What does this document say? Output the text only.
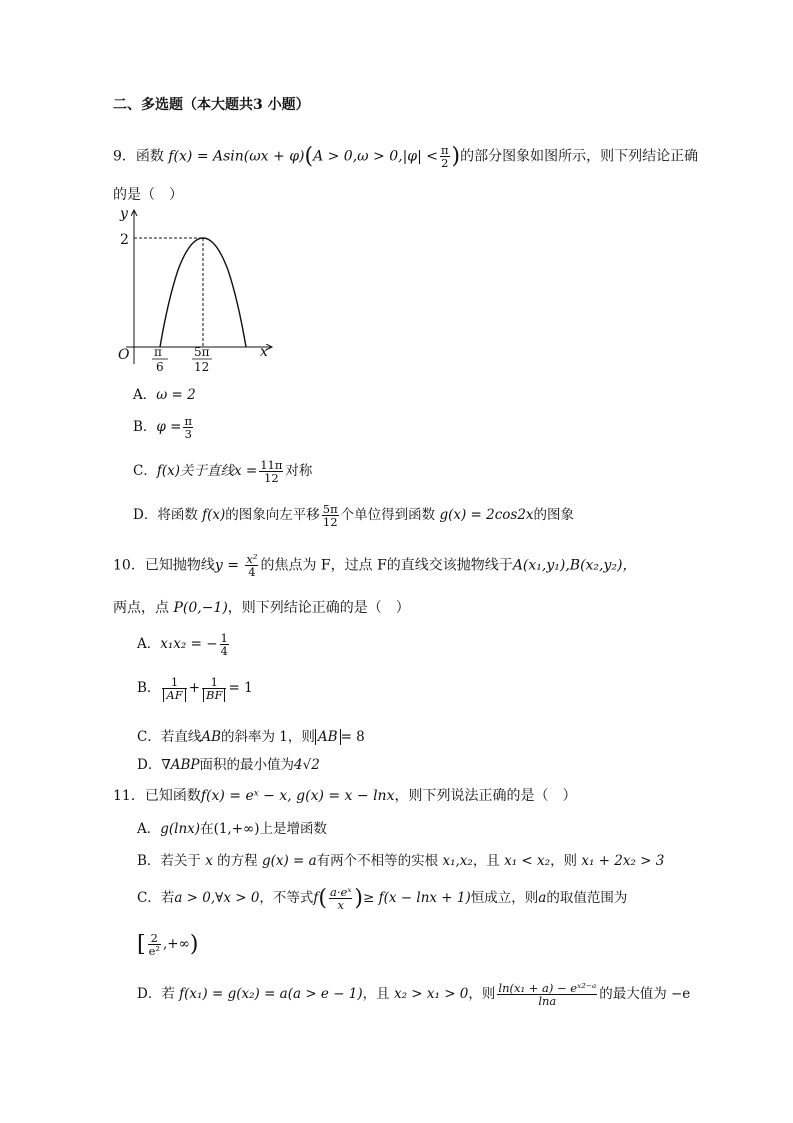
二、多选题（本大题共3 小题）
9．函数 $f(x) = Asin(\omega x + \varphi)(A > 0,\omega > 0,|\varphi| < \frac{\pi}{2}$ )的部分图象如图所示，则下列结论正确
的是（　）
y
x
O
2
π
6
5π
12
A．ω = 2
B．$\varphi = \frac{\pi}{3}$
C．f(x)关于直线$x = \frac{11\pi}{12}$ 对称
D．将函数 f(x)的图象向左平移 $\frac{5\pi}{12}$ 个单位得到函数 g(x) = 2cos2x的图象
10．已知抛物线$y = \frac{\text{x²}}{4}$ 的焦点为 F，过点 F的直线交该抛物线于A(x₁,y₁),B(x₂,y₂)，
两点，点 P(0,−1)，则下列结论正确的是（　）
A．x₁x₂ = − $\frac{1}{4}$
B． $\frac{1}{AF} + \frac{1}{BF} = 1$
C．若直线AB的斜率为 1，则 AB = 8
D．∇ABP面积的最小值为4√2
11．已知函数f(x) = eˣ − x, g(x) = x − lnx，则下列说法正确的是（　）
A．g(lnx)在(1,+∞)上是增函数
B．若关于 x 的方程 g(x) = a有两个不相等的实根 x₁,x₂，且 x₁ < x₂，则 x₁ + 2x₂ > 3
C．若a > 0,∀x > 0，不等式$f( \frac{\text{a·eˣ}}{x}$ )≥ f(x − lnx + 1)恒成立，则a的取值范围为
[ $\frac{2}{\text{e²}}$ ,+∞)
D．若 f(x₁) = g(x₂) = a(a > e − 1)，且 x₂ > x₁ > 0，则 $\frac{\text{ln(x₁ + a) − eˣ²⁻ᵃ}}{\ln a}$ 的最大值为 −e
